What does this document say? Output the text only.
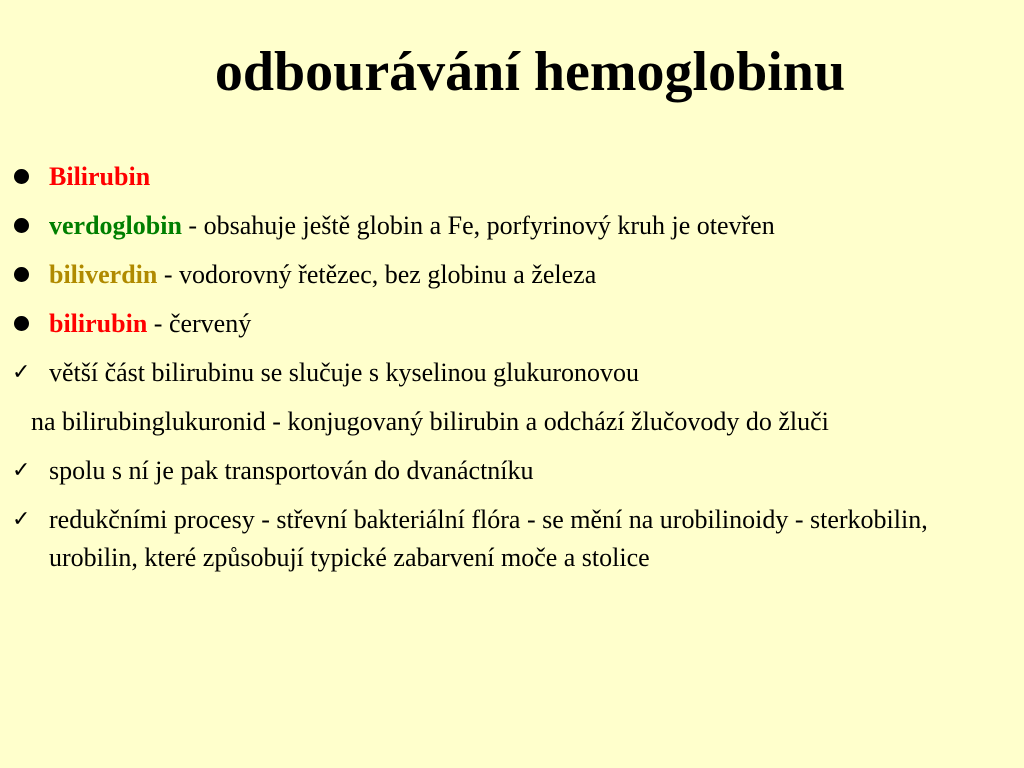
odbourávání hemoglobinu
Bilirubin
verdoglobin - obsahuje ještě globin a Fe, porfyrinový kruh je otevřen
biliverdin - vodorovný řetězec, bez globinu a železa
bilirubin - červený
✓ větší část bilirubinu se slučuje s kyselinou glukuronovou
na bilirubinglukuronid - konjugovaný bilirubin a odchází žlučovody do žluči
✓ spolu s ní je pak transportován do dvanáctníku
✓ redukčními procesy - střevní bakteriální flóra - se mění na urobilinoidy - sterkobilin, urobilin, které způsobují typické zabarvení moče a stolice
